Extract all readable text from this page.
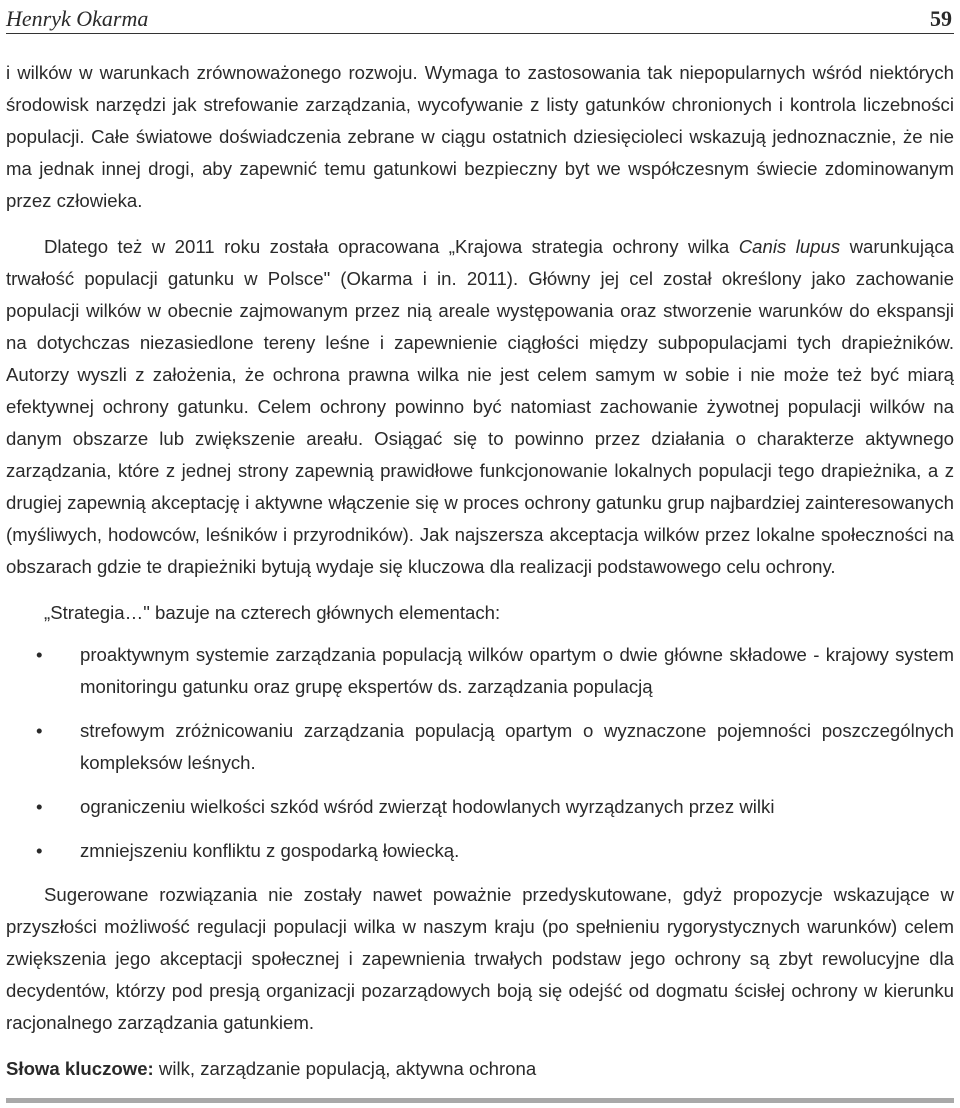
Henryk Okarma	59

i wilków w warunkach zrównoważonego rozwoju. Wymaga to zastosowania tak niepopularnych wśród niektórych środowisk narzędzi jak strefowanie zarządzania, wycofywanie z listy gatunków chronionych i kontrola liczebności populacji. Całe światowe doświadczenia zebrane w ciągu ostatnich dziesięcioleci wskazują jednoznacznie, że nie ma jednak innej drogi, aby zapewnić temu gatunkowi bezpieczny byt we współczesnym świecie zdominowanym przez człowieka.

Dlatego też w 2011 roku została opracowana „Krajowa strategia ochrony wilka Canis lupus warunkująca trwałość populacji gatunku w Polsce" (Okarma i in. 2011). Główny jej cel został określony jako zachowanie populacji wilków w obecnie zajmowanym przez nią areale występowania oraz stworzenie warunków do ekspansji na dotychczas niezasiedlone tereny leśne i zapewnienie ciągłości między subpopulacjami tych drapieżników. Autorzy wyszli z założenia, że ochrona prawna wilka nie jest celem samym w sobie i nie może też być miarą efektywnej ochrony gatunku. Celem ochrony powinno być natomiast zachowanie żywotnej populacji wilków na danym obszarze lub zwiększenie areału. Osiągać się to powinno przez działania o charakterze aktywnego zarządzania, które z jednej strony zapewnią prawidłowe funkcjonowanie lokalnych populacji tego drapieżnika, a z drugiej zapewnią akceptację i aktywne włączenie się w proces ochrony gatunku grup najbardziej zainteresowanych (myśliwych, hodowców, leśników i przyrodników). Jak najszersza akceptacja wilków przez lokalne społeczności na obszarach gdzie te drapieżniki bytują wydaje się kluczowa dla realizacji podstawowego celu ochrony.

„Strategia…" bazuje na czterech głównych elementach:

• proaktywnym systemie zarządzania populacją wilków opartym o dwie główne składowe - krajowy system monitoringu gatunku oraz grupę ekspertów ds. zarządzania populacją
• strefowym zróżnicowaniu zarządzania populacją opartym o wyznaczone pojemności poszczególnych kompleksów leśnych.
• ograniczeniu wielkości szkód wśród zwierząt hodowlanych wyrządzanych przez wilki
• zmniejszeniu konfliktu z gospodarką łowiecką.

Sugerowane rozwiązania nie zostały nawet poważnie przedyskutowane, gdyż propozycje wskazujące w przyszłości możliwość regulacji populacji wilka w naszym kraju (po spełnieniu rygorystycznych warunków) celem zwiększenia jego akceptacji społecznej i zapewnienia trwałych podstaw jego ochrony są zbyt rewolucyjne dla decydentów, którzy pod presją organizacji pozarządowych boją się odejść od dogmatu ścisłej ochrony w kierunku racjonalnego zarządzania gatunkiem.

Słowa kluczowe: wilk, zarządzanie populacją, aktywna ochrona
